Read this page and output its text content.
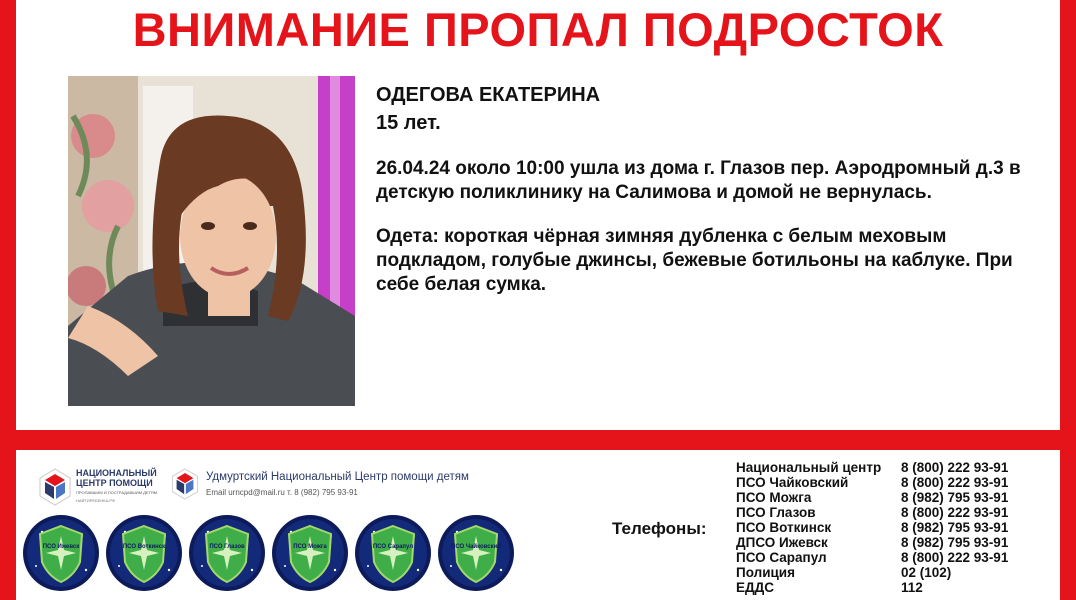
ВНИМАНИЕ ПРОПАЛ ПОДРОСТОК

ОДЕГОВА ЕКАТЕРИНА

15 лет.

26.04.24 около 10:00 ушла из дома г. Глазов пер. Аэродромный д.3 в детскую поликлинику на Салимова и домой не вернулась.

Одета: короткая чёрная зимняя дубленка с белым меховым подкладом, голубые джинсы, бежевые ботильоны на каблуке. При себе белая сумка.

НАЦИОНАЛЬНЫЙ
ЦЕНТР ПОМОЩИ
ПРОПАВШИМ И ПОСТРАДАВШИМ ДЕТЯМ
НАЙТИРЕБЕНКА.РФ
Удмуртский Национальный Центр помощи детям
Email urncpd@mail.ru т. 8 (982) 795 93-91
ПСО Ижевск	ПСО Воткинск	ПСО Глазов	ПСО Можга	ПСО Сарапул	ПСО Чайковский
Телефоны:
Национальный центр 8 (800) 222 93-91
ПСО Чайковский	8 (800) 222 93-91
ПСО Можга	8 (982) 795 93-91
ПСО Глазов	8 (800) 222 93-91
ПСО Воткинск	8 (982) 795 93-91
ДПСО Ижевск	8 (982) 795 93-91
ПСО Сарапул	8 (800) 222 93-91
Полиция	02 (102)
ЕДДС	112
